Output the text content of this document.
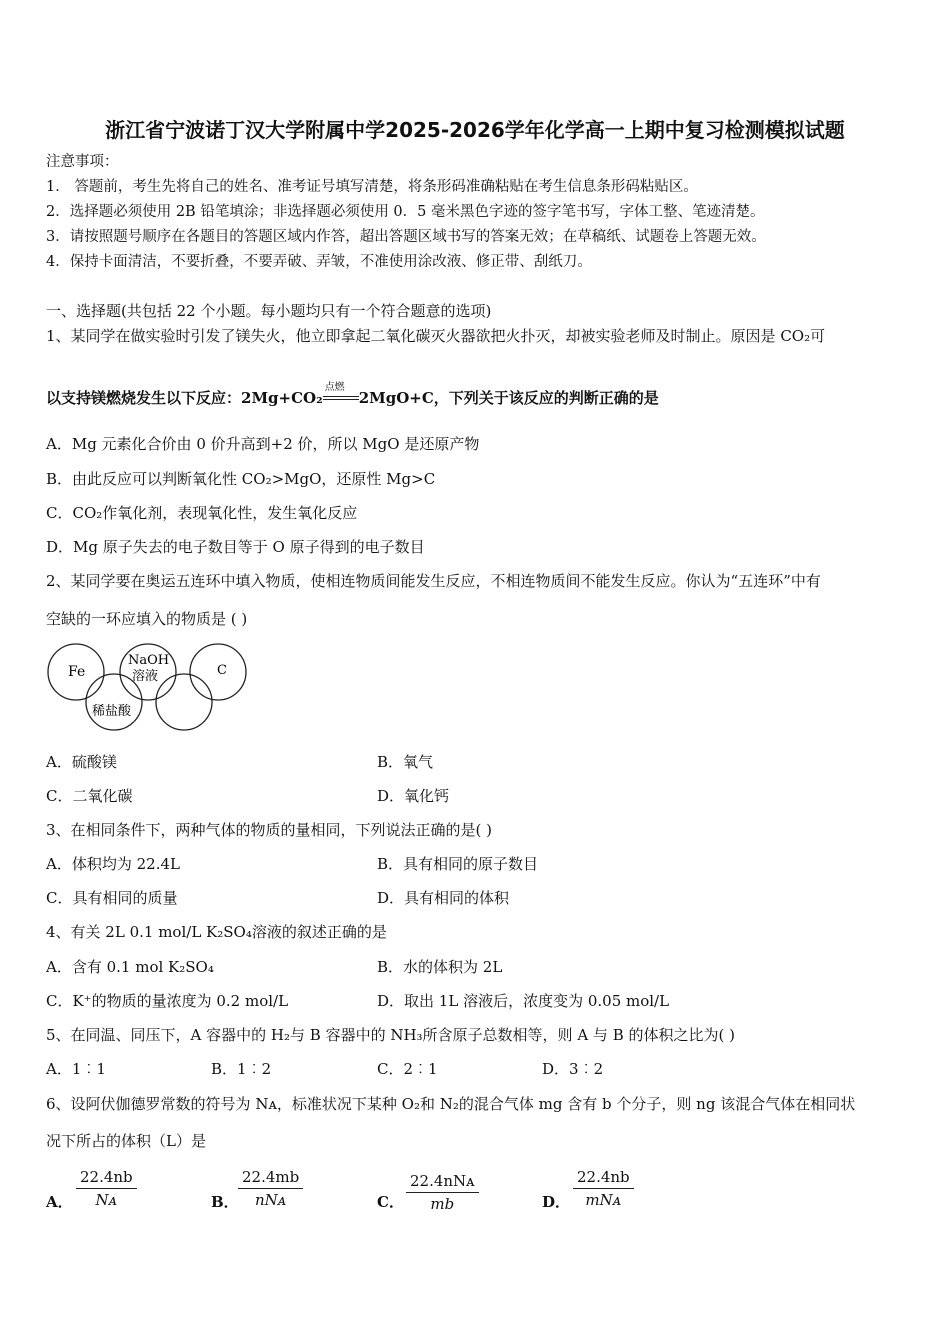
浙江省宁波诺丁汉大学附属中学2025-2026学年化学高一上期中复习检测模拟试题
注意事项：
1． 答题前，考生先将自己的姓名、准考证号填写清楚，将条形码准确粘贴在考生信息条形码粘贴区。
2．选择题必须使用 2B 铅笔填涂；非选择题必须使用 0．5 毫米黑色字迹的签字笔书写，字体工整、笔迹清楚。
3．请按照题号顺序在各题目的答题区域内作答，超出答题区域书写的答案无效；在草稿纸、试题卷上答题无效。
4．保持卡面清洁，不要折叠，不要弄破、弄皱，不准使用涂改液、修正带、刮纸刀。
一、选择题(共包括 22 个小题。每小题均只有一个符合题意的选项)
1、某同学在做实验时引发了镁失火，他立即拿起二氧化碳灭火器欲把火扑灭，却被实验老师及时制止。原因是 CO₂可
以支持镁燃烧发生以下反应：2Mg+CO₂
点燃
2MgO+C，下列关于该反应的判断正确的是
A．Mg 元素化合价由 0 价升高到+2 价，所以 MgO 是还原产物
B．由此反应可以判断氧化性 CO₂>MgO，还原性 Mg>C
C．CO₂作氧化剂，表现氧化性，发生氧化反应
D．Mg 原子失去的电子数目等于 O 原子得到的电子数目
2、某同学要在奥运五连环中填入物质，使相连物质间能发生反应，不相连物质间不能发生反应。你认为“五连环”中有
空缺的一环应填入的物质是 ( )
Fe
NaOH
溶液	C
稀盐酸
A．硫酸镁	B．氧气
C．二氧化碳	D．氧化钙
3、在相同条件下，两种气体的物质的量相同，下列说法正确的是( )
A．体积均为 22.4L	B．具有相同的原子数目
C．具有相同的质量	D．具有相同的体积
4、有关 2L 0.1 mol/L K₂SO₄溶液的叙述正确的是
A．含有 0.1 mol K₂SO₄	B．水的体积为 2L
C．K⁺的物质的量浓度为 0.2 mol/L	D．取出 1L 溶液后，浓度变为 0.05 mol/L
5、在同温、同压下，A 容器中的 H₂与 B 容器中的 NH₃所含原子总数相等，则 A 与 B 的体积之比为( )
A．1︰1	B．1︰2	C．2︰1	D．3︰2
6、设阿伏伽德罗常数的符号为 Nᴀ，标准状况下某种 O₂和 N₂的混合气体 mg 含有 b 个分子，则 ng 该混合气体在相同状
况下所占的体积（L）是
A． $\frac{22.4nb}{\text{Nᴀ}}$	B．
22.4mb
nNᴀ	C．
22.4nNᴀ
mb	D．
22.4nb
mNᴀ
